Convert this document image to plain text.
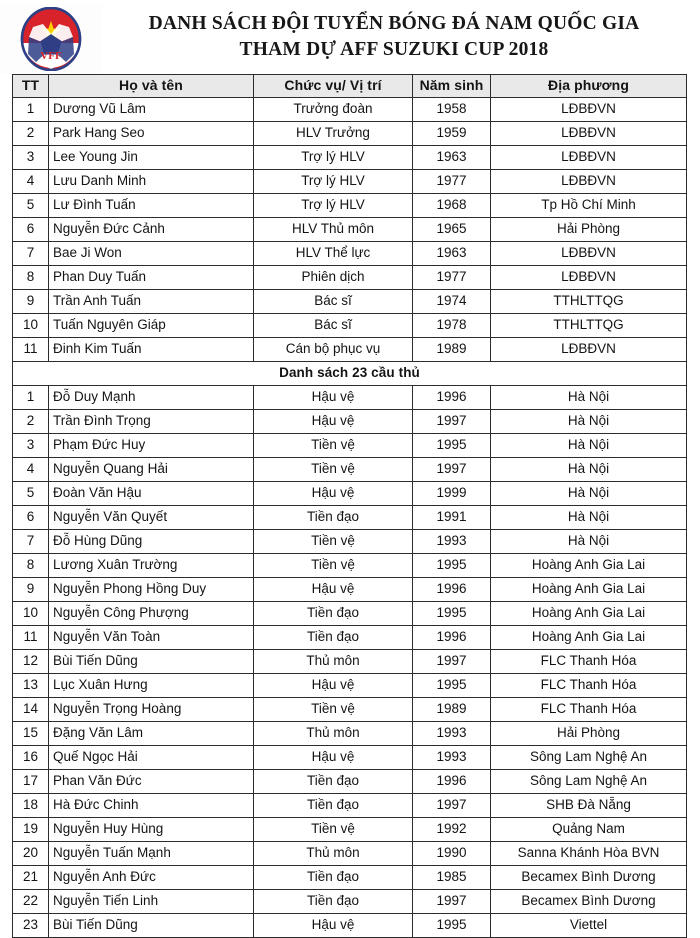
VFF
DANH SÁCH ĐỘI TUYỂN BÓNG ĐÁ NAM QUỐC GIA
THAM DỰ AFF SUZUKI CUP 2018
TT	Họ và tên	Chức vụ/ Vị trí	Năm sinh	Địa phương
1	Dương Vũ Lâm	Trưởng đoàn	1958	LĐBĐVN
2	Park Hang Seo	HLV Trưởng	1959	LĐBĐVN
3	Lee Young Jin	Trợ lý HLV	1963	LĐBĐVN
4	Lưu Danh Minh	Trợ lý HLV	1977	LĐBĐVN
5	Lư Đình Tuấn	Trợ lý HLV	1968	Tp Hồ Chí Minh
6	Nguyễn Đức Cảnh	HLV Thủ môn	1965	Hải Phòng
7	Bae Ji Won	HLV Thể lực	1963	LĐBĐVN
8	Phan Duy Tuấn	Phiên dịch	1977	LĐBĐVN
9	Trần Anh Tuấn	Bác sĩ	1974	TTHLTTQG
10	Tuấn Nguyên Giáp	Bác sĩ	1978	TTHLTTQG
11	Đinh Kim Tuấn	Cán bộ phục vụ	1989	LĐBĐVN
Danh sách 23 cầu thủ				
1	Đỗ Duy Mạnh	Hậu vệ	1996	Hà Nội
2	Trần Đình Trọng	Hậu vệ	1997	Hà Nội
3	Phạm Đức Huy	Tiền vệ	1995	Hà Nội
4	Nguyễn Quang Hải	Tiền vệ	1997	Hà Nội
5	Đoàn Văn Hậu	Hậu vệ	1999	Hà Nội
6	Nguyễn Văn Quyết	Tiền đạo	1991	Hà Nội
7	Đỗ Hùng Dũng	Tiền vệ	1993	Hà Nội
8	Lương Xuân Trường	Tiền vệ	1995	Hoàng Anh Gia Lai
9	Nguyễn Phong Hồng Duy	Hậu vệ	1996	Hoàng Anh Gia Lai
10	Nguyễn Công Phượng	Tiền đạo	1995	Hoàng Anh Gia Lai
11	Nguyễn Văn Toàn	Tiền đạo	1996	Hoàng Anh Gia Lai
12	Bùi Tiến Dũng	Thủ môn	1997	FLC Thanh Hóa
13	Lục Xuân Hưng	Hậu vệ	1995	FLC Thanh Hóa
14	Nguyễn Trọng Hoàng	Tiền vệ	1989	FLC Thanh Hóa
15	Đặng Văn Lâm	Thủ môn	1993	Hải Phòng
16	Quế Ngọc Hải	Hậu vệ	1993	Sông Lam Nghệ An
17	Phan Văn Đức	Tiền đạo	1996	Sông Lam Nghệ An
18	Hà Đức Chinh	Tiền đạo	1997	SHB Đà Nẵng
19	Nguyễn Huy Hùng	Tiền vệ	1992	Quảng Nam
20	Nguyễn Tuấn Mạnh	Thủ môn	1990	Sanna Khánh Hòa BVN
21	Nguyễn Anh Đức	Tiền đạo	1985	Becamex Bình Dương
22	Nguyễn Tiến Linh	Tiền đạo	1997	Becamex Bình Dương
23	Bùi Tiến Dũng	Hậu vệ	1995	Viettel
